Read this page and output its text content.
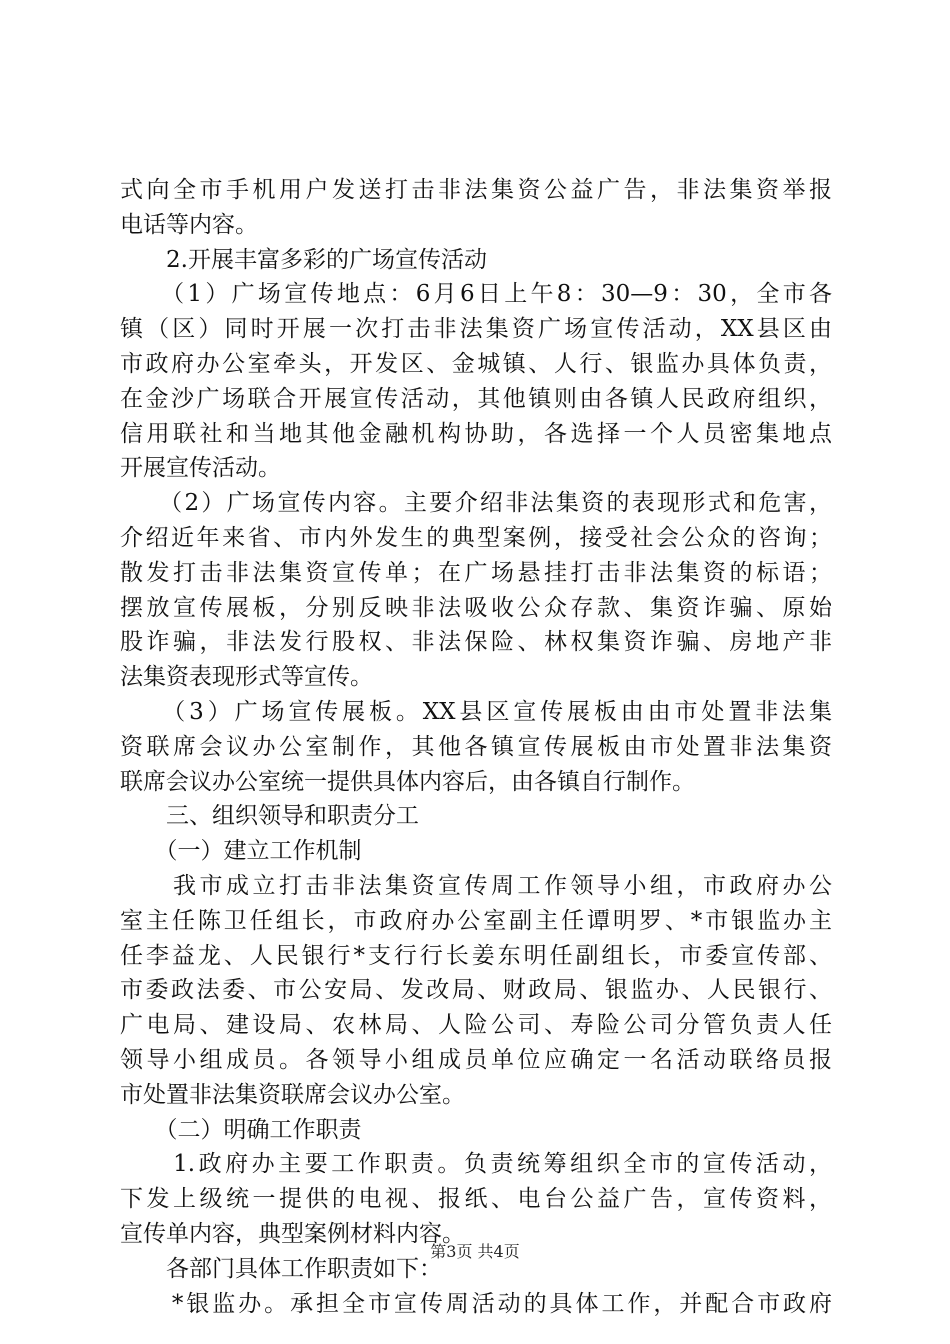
式向全市手机用户发送打击非法集资公益广告，非法集资举报
电话等内容。
　　2.开展丰富多彩的广场宣传活动
　　（1）广场宣传地点：6月6日上午8：30—9：30，全市各
镇（区）同时开展一次打击非法集资广场宣传活动，XX县区由
市政府办公室牵头，开发区、金城镇、人行、银监办具体负责，
在金沙广场联合开展宣传活动，其他镇则由各镇人民政府组织，
信用联社和当地其他金融机构协助，各选择一个人员密集地点
开展宣传活动。
　　（2）广场宣传内容。主要介绍非法集资的表现形式和危害，
介绍近年来省、市内外发生的典型案例，接受社会公众的咨询；
散发打击非法集资宣传单；在广场悬挂打击非法集资的标语；
摆放宣传展板，分别反映非法吸收公众存款、集资诈骗、原始
股诈骗，非法发行股权、非法保险、林权集资诈骗、房地产非
法集资表现形式等宣传。
　　（3）广场宣传展板。XX县区宣传展板由由市处置非法集
资联席会议办公室制作，其他各镇宣传展板由市处置非法集资
联席会议办公室统一提供具体内容后，由各镇自行制作。
　　三、组织领导和职责分工
　　（一）建立工作机制
　　我市成立打击非法集资宣传周工作领导小组，市政府办公
室主任陈卫任组长，市政府办公室副主任谭明罗、*市银监办主
任李益龙、人民银行*支行行长姜东明任副组长，市委宣传部、
市委政法委、市公安局、发改局、财政局、银监办、人民银行、
广电局、建设局、农林局、人险公司、寿险公司分管负责人任
领导小组成员。各领导小组成员单位应确定一名活动联络员报
市处置非法集资联席会议办公室。
　　（二）明确工作职责
　　1.政府办主要工作职责。负责统筹组织全市的宣传活动，
下发上级统一提供的电视、报纸、电台公益广告，宣传资料，
宣传单内容，典型案例材料内容。
　　各部门具体工作职责如下：
　　*银监办。承担全市宣传周活动的具体工作，并配合市政府
第3页 共4页
